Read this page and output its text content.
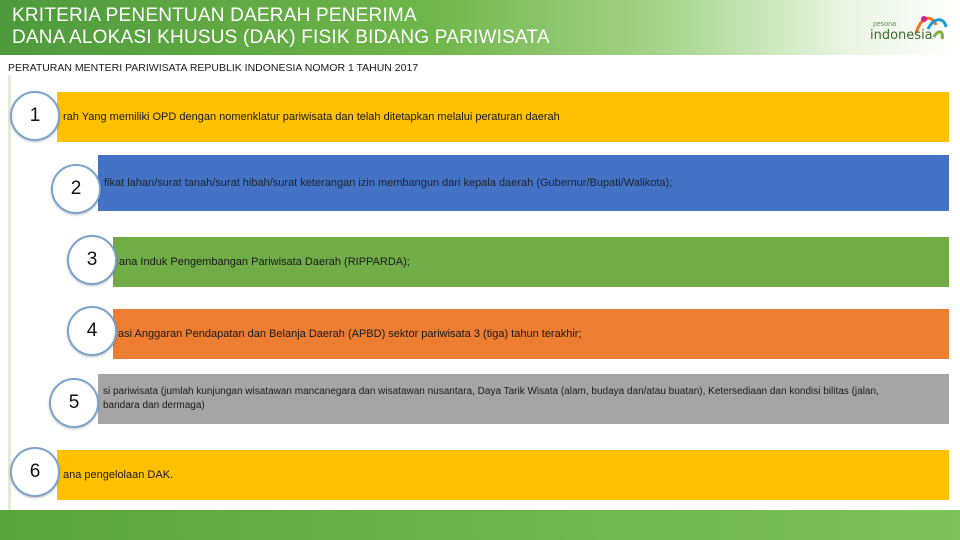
KRITERIA PENENTUAN DAERAH PENERIMA
DANA ALOKASI KHUSUS (DAK) FISIK BIDANG PARIWISATA
pesona
indonesia
PERATURAN MENTERI PARIWISATA REPUBLIK INDONESIA NOMOR 1 TAHUN 2017
rah Yang memiliki OPD dengan nomenklatur pariwisata dan telah ditetapkan melalui peraturan daerah
fikat lahan/surat tanah/surat hibah/surat keterangan izin membangun dari kepala daerah (Gubernur/Bupati/Walikota);
ana Induk Pengembangan Pariwisata Daerah (RIPPARDA);
asi Anggaran Pendapatan dan Belanja Daerah (APBD) sektor pariwisata 3 (tiga) tahun terakhir;
si pariwisata (jumlah kunjungan wisatawan mancanegara dan wisatawan nusantara, Daya Tarik Wisata (alam, budaya dan/atau buatan), Ketersediaan dan kondisi bilitas (jalan, bandara dan dermaga)
ana pengelolaan DAK.
1
2
3
4
5
6
